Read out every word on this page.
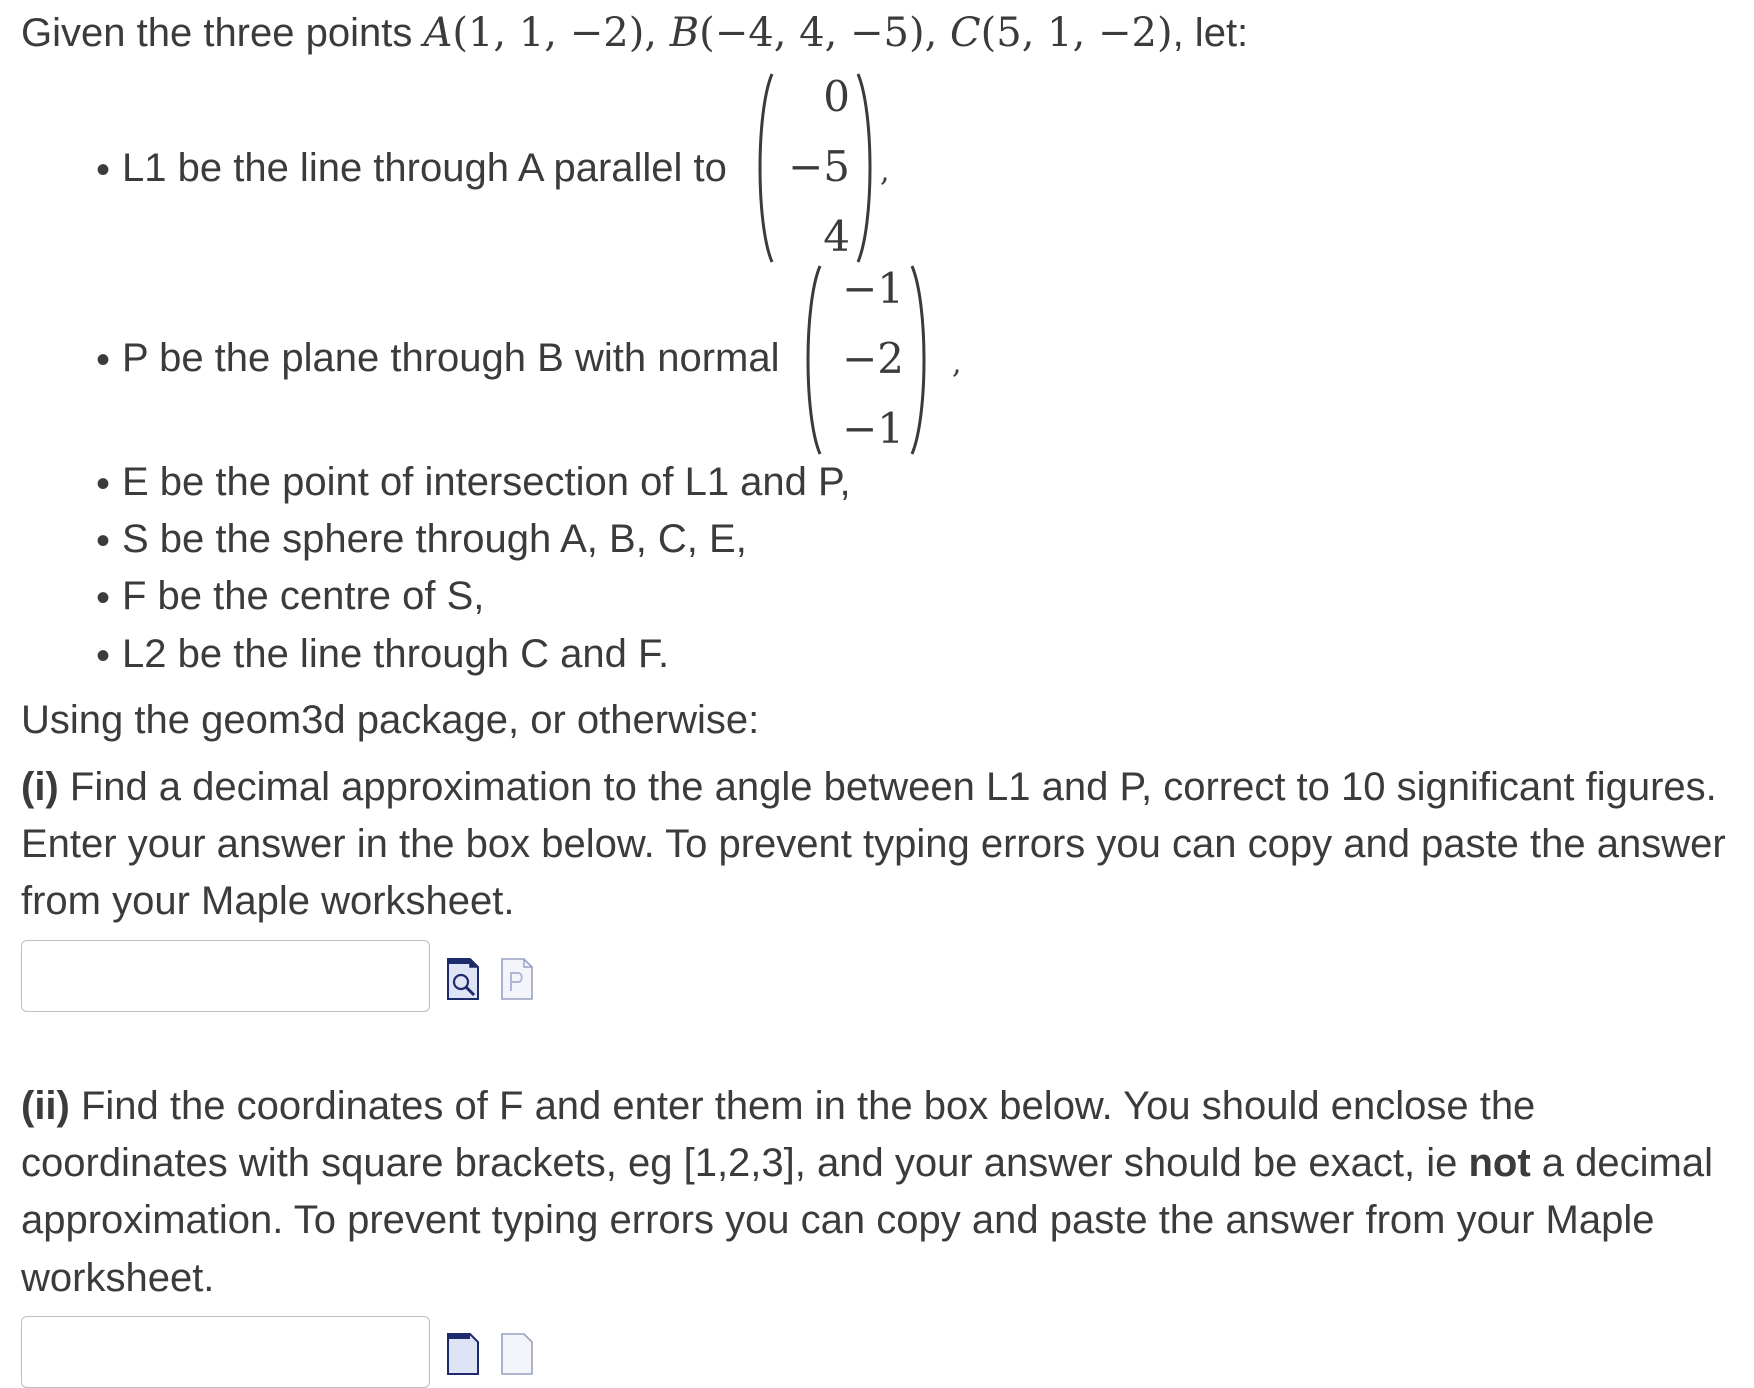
Given the three points A(1, 1, −2), B(−4, 4, −5), C(5, 1, −2), let:
• L1 be the line through A parallel to
0
−5
4
,
• P be the plane through B with normal
−1
−2
−1
,
• E be the point of intersection of L1 and P,
• S be the sphere through A, B, C, E,
• F be the centre of S,
• L2 be the line through C and F.
Using the geom3d package, or otherwise:
(i) Find a decimal approximation to the angle between L1 and P, correct to 10 significant figures.
Enter your answer in the box below. To prevent typing errors you can copy and paste the answer
from your Maple worksheet.
(ii) Find the coordinates of F and enter them in the box below. You should enclose the
coordinates with square brackets, eg [1,2,3], and your answer should be exact, ie not a decimal
approximation. To prevent typing errors you can copy and paste the answer from your Maple
worksheet.
